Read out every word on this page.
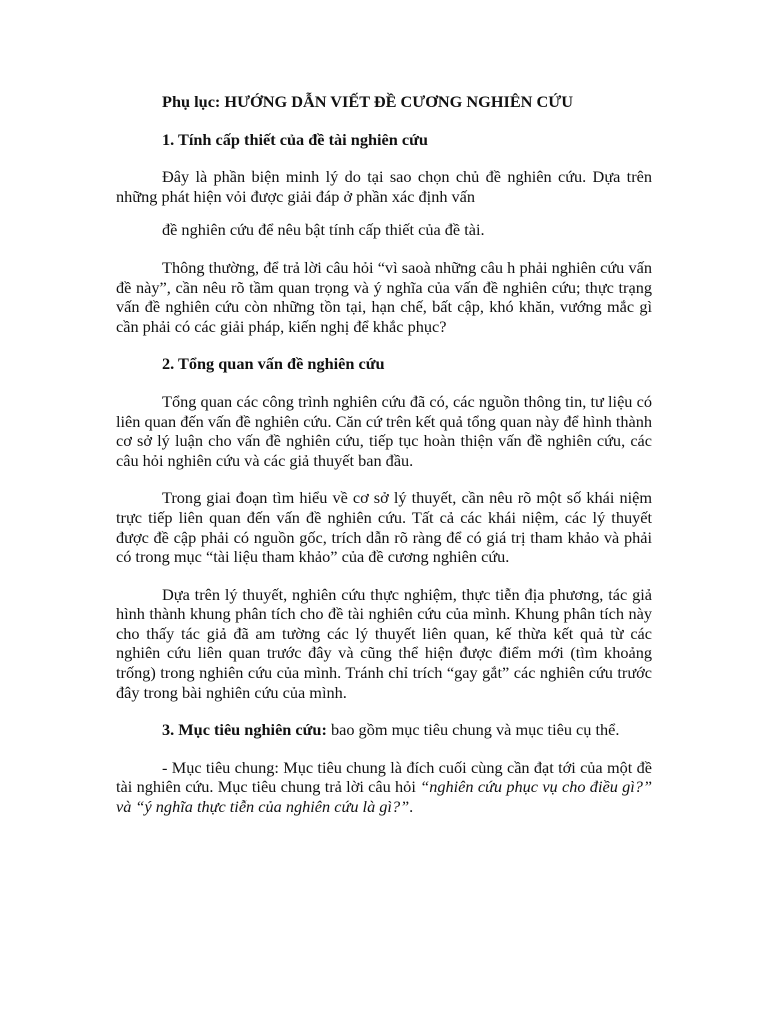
Phụ lục: HƯỚNG DẪN VIẾT ĐỀ CƯƠNG NGHIÊN CỨU

1. Tính cấp thiết của đề tài nghiên cứu

Đây là phần biện minh lý do tại sao chọn chủ đề nghiên cứu. Dựa trên những phát hiện vỏi được giải đáp ở phần xác định vấn

đề nghiên cứu để nêu bật tính cấp thiết của đề tài.

Thông thường, để trả lời câu hỏi “vì saoà những câu h phải nghiên cứu vấn đề này”, cần nêu rõ tầm quan trọng và ý nghĩa của vấn đề nghiên cứu; thực trạng vấn đề nghiên cứu còn những tồn tại, hạn chế, bất cập, khó khăn, vướng mắc gì cần phải có các giải pháp, kiến nghị để khắc phục?

2. Tổng quan vấn đề nghiên cứu

Tổng quan các công trình nghiên cứu đã có, các nguồn thông tin, tư liệu có liên quan đến vấn đề nghiên cứu. Căn cứ trên kết quả tổng quan này để hình thành cơ sở lý luận cho vấn đề nghiên cứu, tiếp tục hoàn thiện vấn đề nghiên cứu, các câu hỏi nghiên cứu và các giả thuyết ban đầu.

Trong giai đoạn tìm hiểu về cơ sở lý thuyết, cần nêu rõ một số khái niệm trực tiếp liên quan đến vấn đề nghiên cứu. Tất cả các khái niệm, các lý thuyết được đề cập phải có nguồn gốc, trích dẫn rõ ràng để có giá trị tham khảo và phải có trong mục “tài liệu tham khảo” của đề cương nghiên cứu.

Dựa trên lý thuyết, nghiên cứu thực nghiệm, thực tiễn địa phương, tác giả hình thành khung phân tích cho đề tài nghiên cứu của mình. Khung phân tích này cho thấy tác giả đã am tường các lý thuyết liên quan, kế thừa kết quả từ các nghiên cứu liên quan trước đây và cũng thể hiện được điểm mới (tìm khoảng trống) trong nghiên cứu của mình. Tránh chỉ trích “gay gắt” các nghiên cứu trước đây trong bài nghiên cứu của mình.

3. Mục tiêu nghiên cứu: bao gồm mục tiêu chung và mục tiêu cụ thể.

- Mục tiêu chung: Mục tiêu chung là đích cuối cùng cần đạt tới của một đề tài nghiên cứu. Mục tiêu chung trả lời câu hỏi “nghiên cứu phục vụ cho điều gì?” và “ý nghĩa thực tiễn của nghiên cứu là gì?”.
